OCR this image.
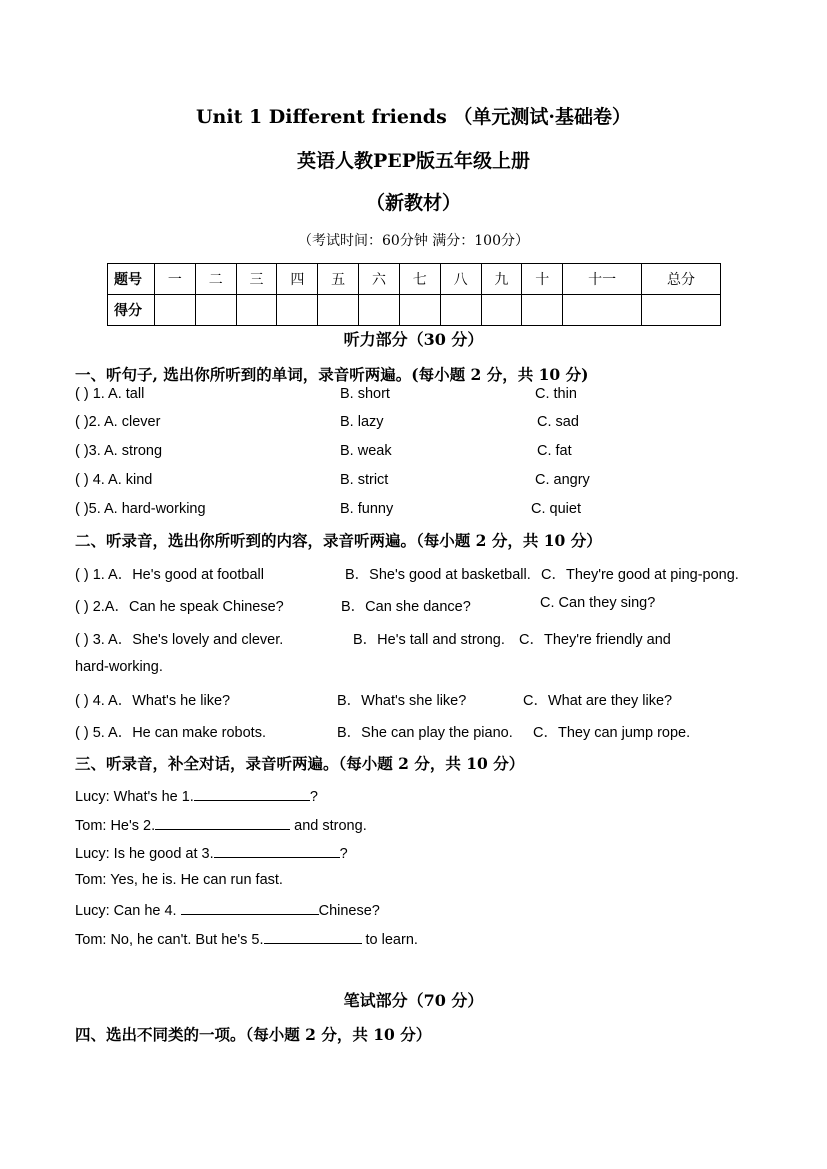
Unit 1 Different friends （单元测试·基础卷）
英语人教PEP版五年级上册
（新教材）
（考试时间：60分钟 满分：100分）
题号	一	二	三	四	五	六	七	八	九	十	十一	总分
得分												
听力部分（30 分）
一、听句子, 选出你所听到的单词，录音听两遍。(每小题 2 分，共 10 分)
( ) 1. A. tall	B. short	C. thin
( )2. A. clever	B. lazy	C. sad
( )3. A. strong	B. weak	C. fat
( ) 4. A. kind	B. strict	C. angry
( )5. A. hard-working	B. funny	C. quiet
二、听录音，选出你所听到的内容，录音听两遍。（每小题 2 分，共 10 分）
( ) 1. A．He's good at football	B．She's good at basketball. C．They're good at ping-pong.
( ) 2.A．Can he speak Chinese?	B．Can she dance?	C. Can they sing?
( ) 3. A．She's lovely and clever.	B．He's tall and strong. C．They're friendly and
hard-working.
( ) 4. A．What's he like?	B．What's she like?	C．What are they like?
( ) 5. A．He can make robots.	B．She can play the piano. C．They can jump rope.
三、听录音，补全对话，录音听两遍。（每小题 2 分，共 10 分）
Lucy: What's he 1.	?
Tom: He's 2.	and strong.
Lucy: Is he good at 3.	?
Tom: Yes, he is. He can run fast.
Lucy: Can he 4.	Chinese?
Tom: No, he can't. But he's 5.	to learn.
笔试部分（70 分）
四、选出不同类的一项。（每小题 2 分，共 10 分）
